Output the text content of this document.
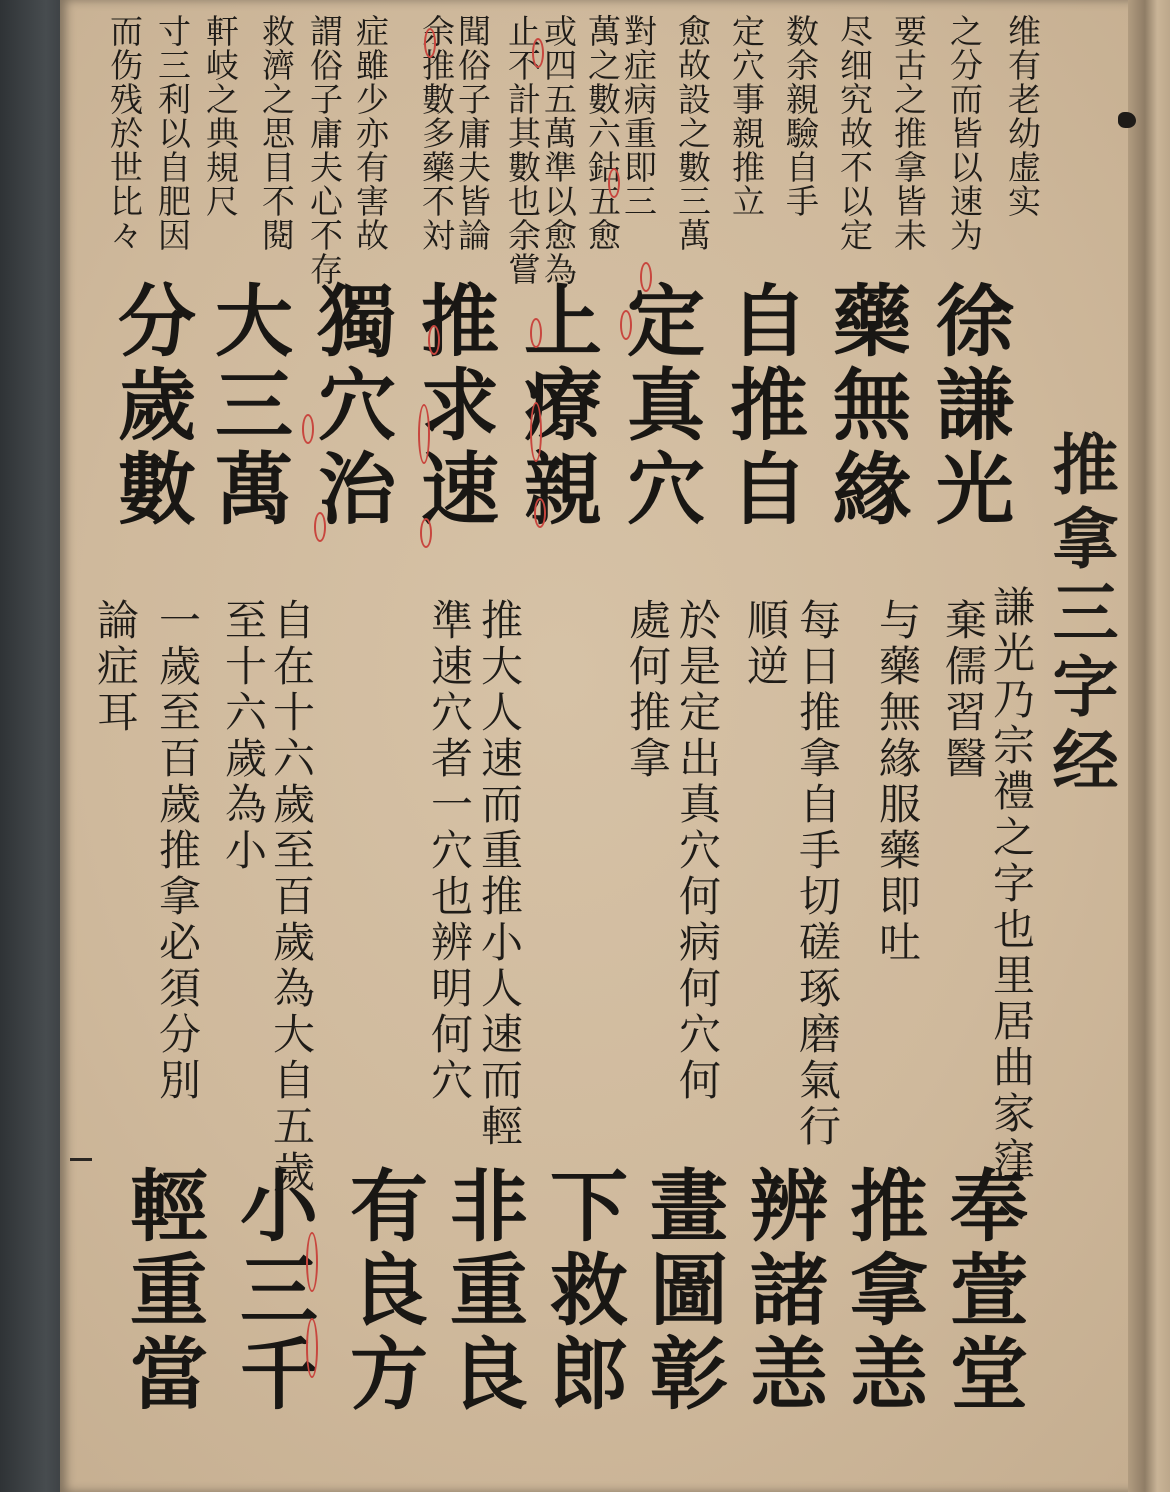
推拿三字经
维有老幼虚实
之分而皆以速为
要古之推拿皆未
尽细究故不以定
数余親驗自手
定穴事親推立
愈故設之數三萬
對症病重即三
萬之數六鈷五愈
或四五萬準以愈為
止不計其數也余嘗
聞俗子庸夫皆論
余推數多藥不対
症雖少亦有害故
謂俗子庸夫心不存
救濟之思目不閱
軒岐之典規尺
寸三利以自肥因
而伤残於世比々
徐謙光
藥無緣
自推自
定真穴
上療親
推求速
獨穴治
大三萬
分歲數
謙光乃宗禮之字也里居曲家窪
棄儒習醫
与藥無緣服藥即吐
每日推拿自手切磋琢磨氣行
順逆
於是定出真穴何病何穴何
處何推拿
推大人速而重推小人速而輕
準速穴者一穴也辨明何穴
自在十六歲至百歲為大自五歲
至十六歲為小
一歲至百歲推拿必須分別
論症耳
奉萱堂
推拿恙
辨諸恙
畫圖彰
下救郎
非重良
有良方
小三千
輕重當
